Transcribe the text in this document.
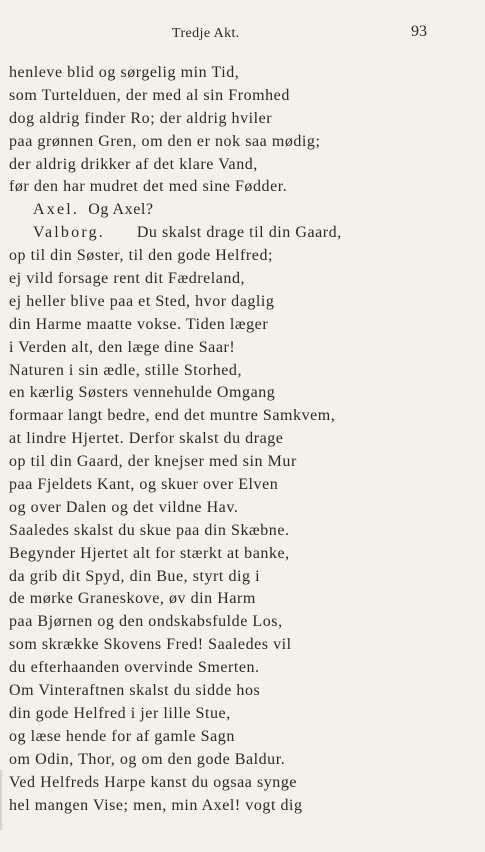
Tredje Akt.	93
henleve blid og sørgelig min Tid,
som Turtelduen, der med al sin Fromhed
dog aldrig finder Ro; der aldrig hviler
paa grønnen Gren, om den er nok saa mødig;
der aldrig drikker af det klare Vand,
før den har mudret det med sine Fødder.
Axel. Og Axel?
Valborg. Du skalst drage til din Gaard,
op til din Søster, til den gode Helfred;
ej vild forsage rent dit Fædreland,
ej heller blive paa et Sted, hvor daglig
din Harme maatte vokse. Tiden læger
i Verden alt, den læge dine Saar!
Naturen i sin ædle, stille Storhed,
en kærlig Søsters vennehulde Omgang
formaar langt bedre, end det muntre Samkvem,
at lindre Hjertet. Derfor skalst du drage
op til din Gaard, der knejser med sin Mur
paa Fjeldets Kant, og skuer over Elven
og over Dalen og det vildne Hav.
Saaledes skalst du skue paa din Skæbne.
Begynder Hjertet alt for stærkt at banke,
da grib dit Spyd, din Bue, styrt dig i
de mørke Graneskove, øv din Harm
paa Bjørnen og den ondskabsfulde Los,
som skrække Skovens Fred! Saaledes vil
du efterhaanden overvinde Smerten.
Om Vinteraftnen skalst du sidde hos
din gode Helfred i jer lille Stue,
og læse hende for af gamle Sagn
om Odin, Thor, og om den gode Baldur.
Ved Helfreds Harpe kanst du ogsaa synge
hel mangen Vise; men, min Axel! vogt dig
